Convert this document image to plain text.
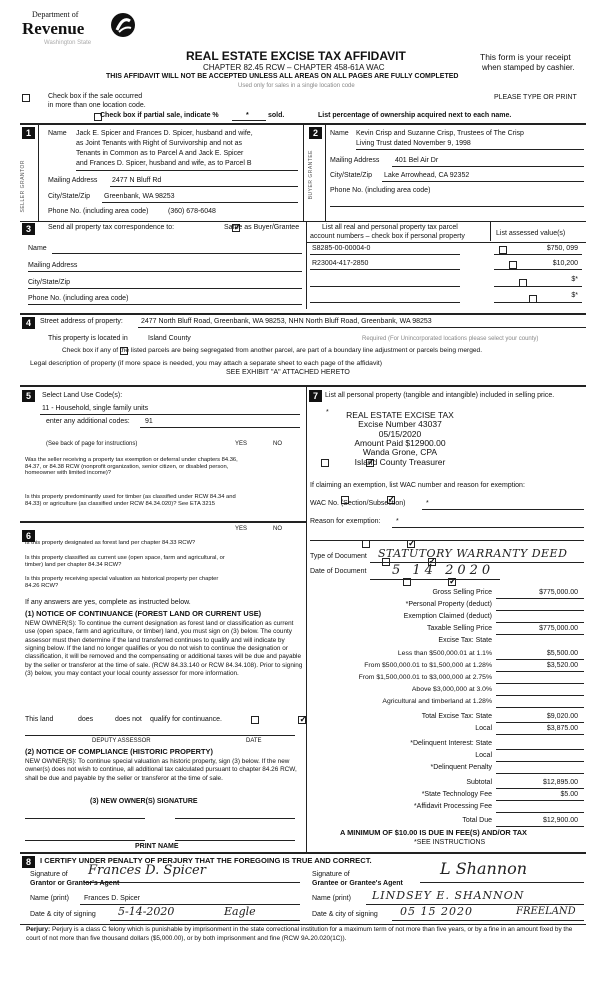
Department of
Revenue
Washington State
REAL ESTATE EXCISE TAX AFFIDAVIT
CHAPTER 82.45 RCW – CHAPTER 458-61A WAC
THIS AFFIDAVIT WILL NOT BE ACCEPTED UNLESS ALL AREAS ON ALL PAGES ARE FULLY COMPLETED
This form is your receipt
when stamped by cashier.
Used only for sales in a single location code

Check box if the sale occurred
in more than one location code.
PLEASE TYPE OR PRINT

Check box if partial sale, indicate %	*	sold.	List percentage of ownership acquired next to each name.
1
SELLER GRANTOR
Name Jack E. Spicer and Frances D. Spicer, husband and wife,
as Joint Tenants with Right of Survivorship and not as
Tenants in Common as to Parcel A and Jack E. Spicer
and Frances D. Spicer, husband and wife, as to Parcel B
Mailing Address 2477 N Bluff Rd
City/State/Zip Greenbank, WA 98253
Phone No. (including area code)	(360) 678-6048
2
BUYER GRANTEE
Name Kevin Crisp and Suzanne Crisp, Trustees of The Crisp
Living Trust dated November 9, 1998
Mailing Address 401 Bel Air Dr
City/State/Zip Lake Arrowhead, CA 92352
Phone No. (including area code)
3	Send all property tax correspondence to:
✓	Same as Buyer/Grantee
Name
Mailing Address
City/State/Zip
Phone No. (including area code)
List all real and personal property tax parcel
account numbers – check box if personal property	List assessed value(s)
S8285-00-00004-0
	$750, 099
R23004-417-2850
	$10,200

$*

$*
4	Street address of property:	2477 North Bluff Road, Greenbank, WA 98253, NHN North Bluff Road, Greenbank, WA 98253
This property is located in	Island County	Required (For Unincorporated locations please select your county)

Check box if any of the listed parcels are being segregated from another parcel, are part of a boundary line adjustment or parcels being merged.
Legal description of property (if more space is needed, you may attach a separate sheet to each page of the affidavit)
SEE EXHIBIT "A" ATTACHED HERETO
5	Select Land Use Code(s):
11 - Household, single family units
enter any additional codes: 91
(See back of page for instructions)	YES	NO
Was the seller receiving a property tax exemption or deferral under chapters 84.36, 84.37, or 84.38 RCW (nonprofit organization, senior citizen, or disabled person, homeowner with limited income)?
✓
Is this property predominantly used for timber (as classified under RCW 84.34 and 84.33) or agriculture (as classified under RCW 84.34.020)? See ETA 3215
✓
6
YES	NO
Is this property designated as forest land per chapter 84.33 RCW?
✓
Is this property classified as current use (open space, farm and agricultural, or timber) land per chapter 84.34 RCW?
✓
Is this property receiving special valuation as historical property per chapter 84.26 RCW?
✓
If any answers are yes, complete as instructed below.
(1) NOTICE OF CONTINUANCE (FOREST LAND OR CURRENT USE)
NEW OWNER(S): To continue the current designation as forest land or classification as current use (open space, farm and agriculture, or timber) land, you must sign on (3) below. The county assessor must then determine if the land transferred continues to qualify and will indicate by signing below. If the land no longer qualifies or you do not wish to continue the designation or classification, it will be removed and the compensating or additional taxes will be due and payable by the seller or transferor at the time of sale. (RCW 84.33.140 or RCW 84.34.108). Prior to signing (3) below, you may contact your local county assessor for more information.
This land
	does
✓	does not qualify for continuance.
DEPUTY ASSESSOR	DATE
(2) NOTICE OF COMPLIANCE (HISTORIC PROPERTY)
NEW OWNER(S): To continue special valuation as historic property, sign (3) below. If the new owner(s) does not wish to continue, all additional tax calculated pursuant to chapter 84.26 RCW, shall be due and payable by the seller or transferor at the time of sale.
(3) NEW OWNER(S) SIGNATURE
PRINT NAME
7	List all personal property (tangible and intangible) included in selling price.
*	REAL ESTATE EXCISE TAX
Excise Number 43037
05/15/2020
Amount Paid $12900.00
Wanda Grone, CPA
Island County Treasurer
If claiming an exemption, list WAC number and reason for exemption:
WAC No. (Section/Subsection)	*
Reason for exemption: *
Type of Document STATUTORY WARRANTY DEED
Date of Document 5 14 2020
Gross Selling Price	$775,000.00
*Personal Property (deduct)
Exemption Claimed (deduct)
Taxable Selling Price	$775,000.00
Excise Tax: State
Less than $500,000.01 at 1.1%	$5,500.00
From $500,000.01 to $1,500,000 at 1.28%	$3,520.00
From $1,500,000.01 to $3,000,000 at 2.75%
Above $3,000,000 at 3.0%
Agricultural and timberland at 1.28%
Total Excise Tax: State	$9,020.00
Local	$3,875.00
*Delinquent Interest: State
Local
*Delinquent Penalty
Subtotal	$12,895.00
*State Technology Fee	$5.00
*Affidavit Processing Fee
Total Due	$12,900.00
A MINIMUM OF $10.00 IS DUE IN FEE(S) AND/OR TAX
*SEE INSTRUCTIONS
8	I CERTIFY UNDER PENALTY OF PERJURY THAT THE FOREGOING IS TRUE AND CORRECT.
Signature of
Grantor or Grantor's Agent
Frances D. Spicer
Name (print) Frances D. Spicer
Date & city of signing 5-14-2020	Eagle
Signature of
Grantee or Grantee's Agent
L Shannon
Name (print) LINDSEY E. SHANNON
Date & city of signing 05 15 2020	FREELAND
Perjury: Perjury is a class C felony which is punishable by imprisonment in the state correctional institution for a maximum term of not more than five years, or by a fine in an amount fixed by the court of not more than five thousand dollars ($5,000.00), or by both imprisonment and fine (RCW 9A.20.020(1C)).
